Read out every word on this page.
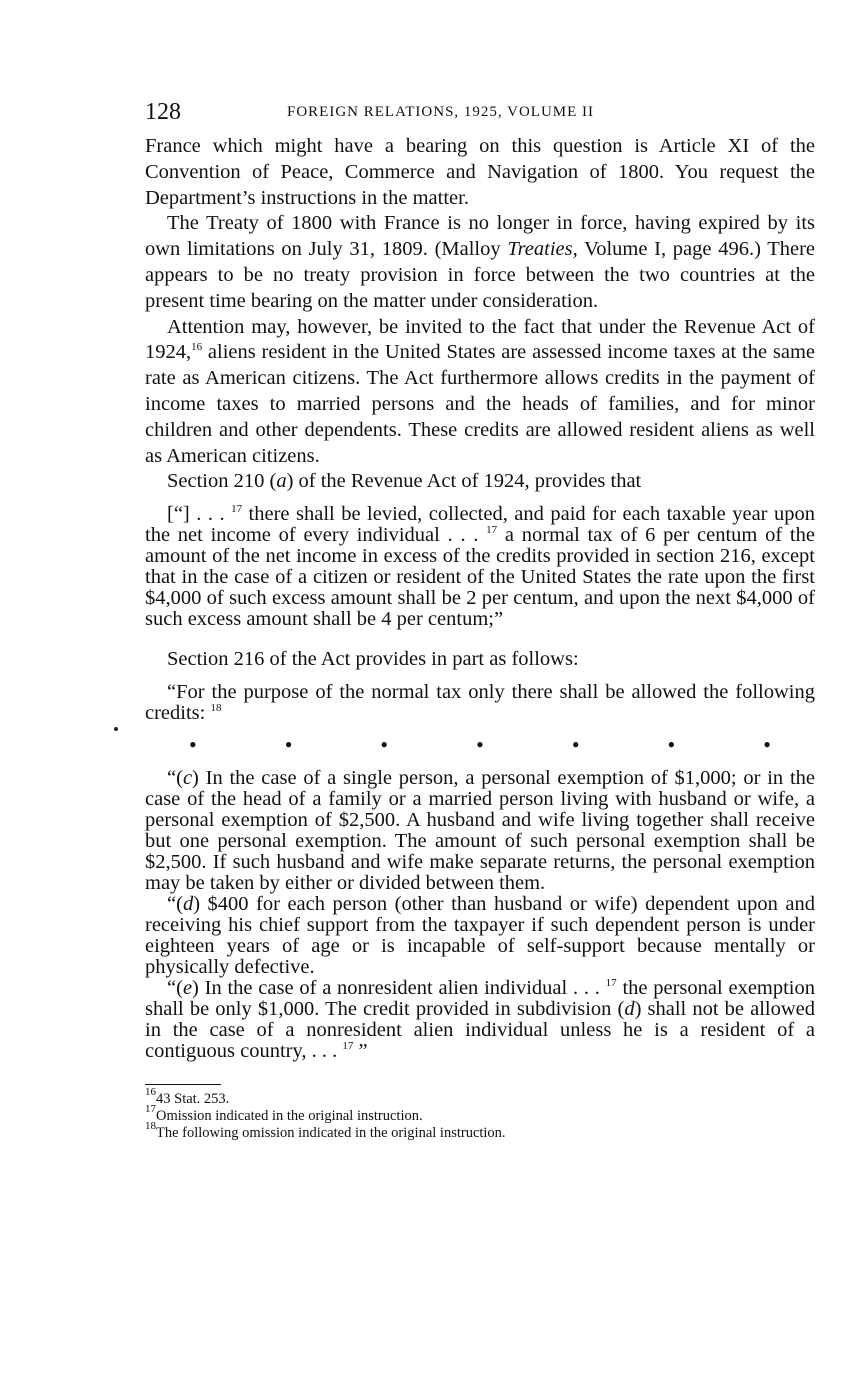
128	FOREIGN RELATIONS, 1925, VOLUME II

France which might have a bearing on this question is Article XI of the Convention of Peace, Commerce and Navigation of 1800. You request the Department’s instructions in the matter.

The Treaty of 1800 with France is no longer in force, having expired by its own limitations on July 31, 1809. (Malloy Treaties, Volume I, page 496.) There appears to be no treaty provision in force between the two countries at the present time bearing on the matter under consideration.

Attention may, however, be invited to the fact that under the Revenue Act of 1924,16 aliens resident in the United States are assessed income taxes at the same rate as American citizens. The Act furthermore allows credits in the payment of income taxes to married persons and the heads of families, and for minor children and other dependents. These credits are allowed resident aliens as well as American citizens.

Section 210 (a) of the Revenue Act of 1924, provides that

[“] . . . $^{17}$ there shall be levied, collected, and paid for each taxable year upon the net income of every individual . . . $^{17}$ a normal tax of 6 per centum of the amount of the net income in excess of the credits provided in section 216, except that in the case of a citizen or resident of the United States the rate upon the first $4,000 of such excess amount shall be 2 per centum, and upon the next $4,000 of such excess amount shall be 4 per centum;”

Section 216 of the Act provides in part as follows:

“For the purpose of the normal tax only there shall be allowed the following credits: $^{18}$

•	•	•	•	•	•	•

“(c) In the case of a single person, a personal exemption of $1,000; or in the case of the head of a family or a married person living with husband or wife, a personal exemption of $2,500. A husband and wife living together shall receive but one personal exemption. The amount of such personal exemption shall be $2,500. If such husband and wife make separate returns, the personal exemption may be taken by either or divided between them.

“(d) $400 for each person (other than husband or wife) dependent upon and receiving his chief support from the taxpayer if such dependent person is under eighteen years of age or is incapable of self-support because mentally or physically defective.

“(e) In the case of a nonresident alien individual . . . $^{17}$ the personal exemption shall be only $1,000. The credit provided in subdivision (d) shall not be allowed in the case of a nonresident alien individual unless he is a resident of a contiguous country, . . . $^{17}$ ”

$^{16}$43 Stat. 253.

$^{17}$Omission indicated in the original instruction.

$^{18}$The following omission indicated in the original instruction.
